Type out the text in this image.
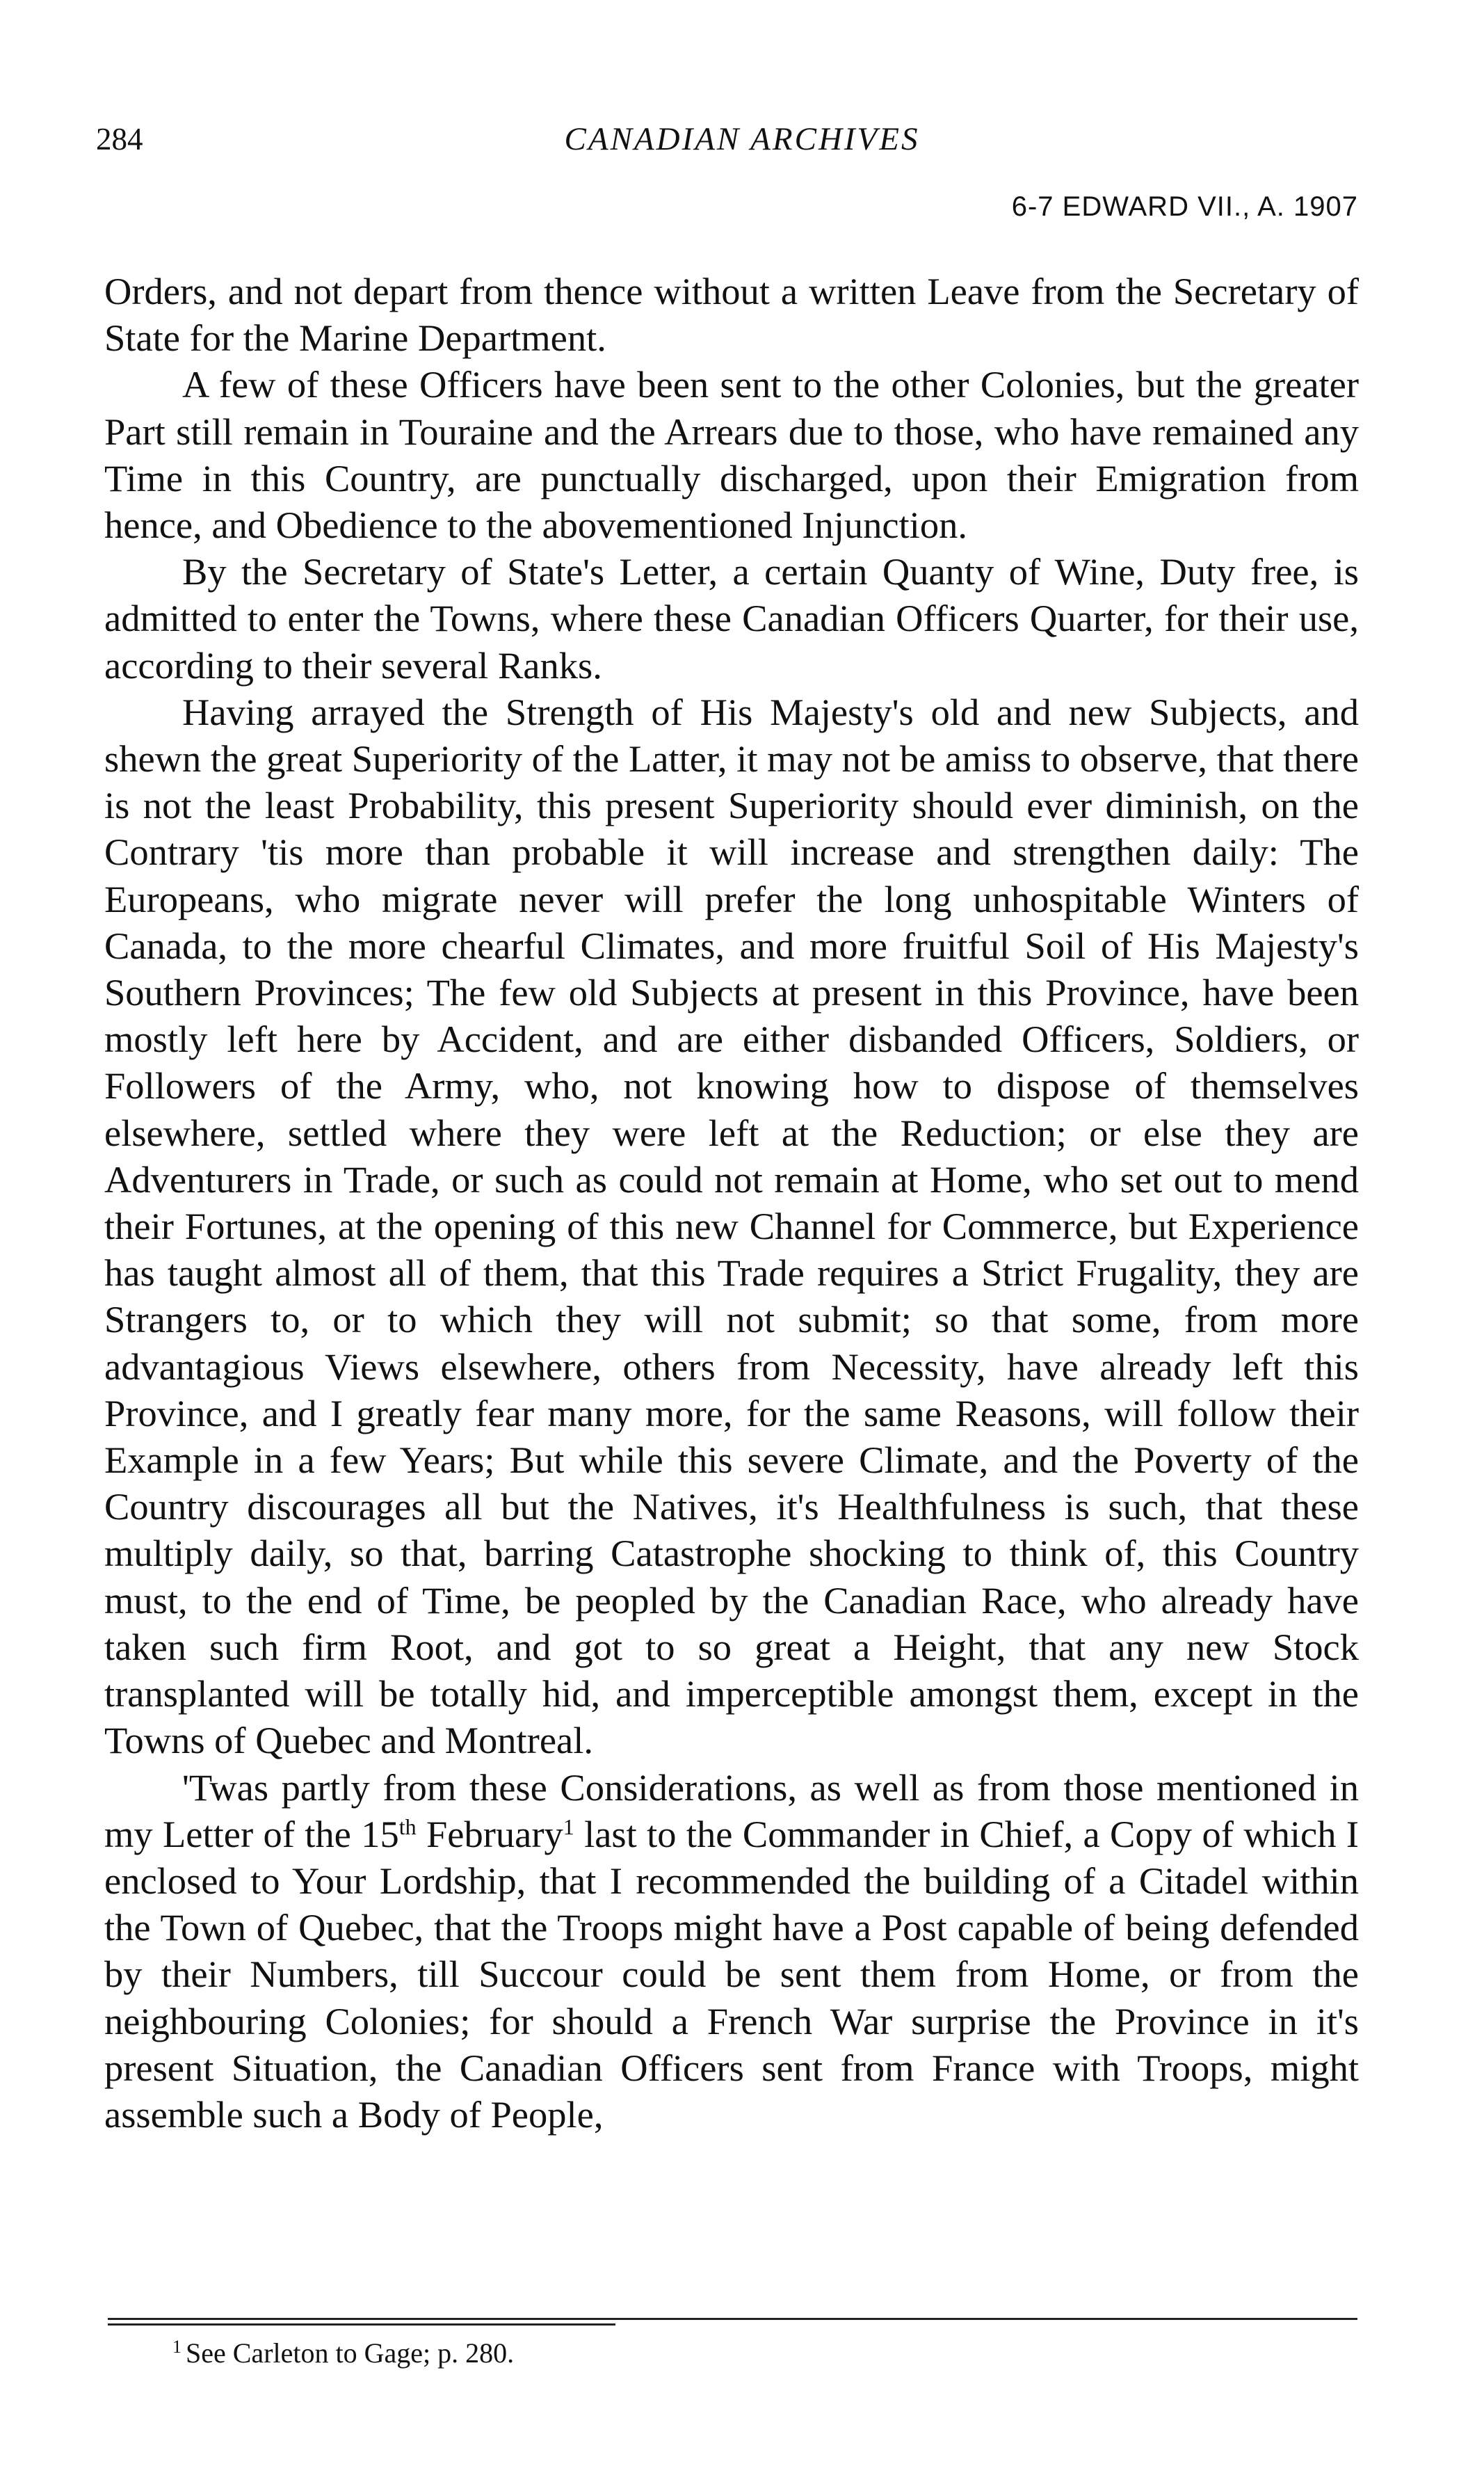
284	CANADIAN ARCHIVES
6-7 EDWARD VII., A. 1907

Orders, and not depart from thence without a written Leave from the Secretary of State for the Marine Department.

A few of these Officers have been sent to the other Colonies, but the greater Part still remain in Touraine and the Arrears due to those, who have remained any Time in this Country, are punctually discharged, upon their Emigration from hence, and Obedience to the abovementioned Injunction.

By the Secretary of State's Letter, a certain Quanty of Wine, Duty free, is admitted to enter the Towns, where these Canadian Officers Quarter, for their use, according to their several Ranks.

Having arrayed the Strength of His Majesty's old and new Subjects, and shewn the great Superiority of the Latter, it may not be amiss to observe, that there is not the least Probability, this present Superiority should ever diminish, on the Contrary 'tis more than probable it will increase and strengthen daily: The Europeans, who migrate never will prefer the long unhospitable Winters of Canada, to the more chearful Climates, and more fruitful Soil of His Majesty's Southern Provinces; The few old Subjects at present in this Province, have been mostly left here by Accident, and are either disbanded Officers, Soldiers, or Followers of the Army, who, not knowing how to dispose of themselves elsewhere, settled where they were left at the Reduction; or else they are Adventurers in Trade, or such as could not remain at Home, who set out to mend their Fortunes, at the opening of this new Channel for Commerce, but Experience has taught almost all of them, that this Trade requires a Strict Frugality, they are Strangers to, or to which they will not submit; so that some, from more advantagious Views elsewhere, others from Necessity, have already left this Province, and I greatly fear many more, for the same Reasons, will follow their Example in a few Years; But while this severe Climate, and the Poverty of the Country discourages all but the Natives, it's Healthfulness is such, that these multiply daily, so that, barring Catastrophe shocking to think of, this Country must, to the end of Time, be peopled by the Canadian Race, who already have taken such firm Root, and got to so great a Height, that any new Stock transplanted will be totally hid, and imperceptible amongst them, except in the Towns of Quebec and Montreal.

'Twas partly from these Considerations, as well as from those mentioned in my Letter of the 15th February$^1$ last to the Commander in Chief, a Copy of which I enclosed to Your Lordship, that I recommended the building of a Citadel within the Town of Quebec, that the Troops might have a Post capable of being defended by their Numbers, till Succour could be sent them from Home, or from the neighbouring Colonies; for should a French War surprise the Province in it's present Situation, the Canadian Officers sent from France with Troops, might assemble such a Body of People,

$^1$ See Carleton to Gage; p. 280.
